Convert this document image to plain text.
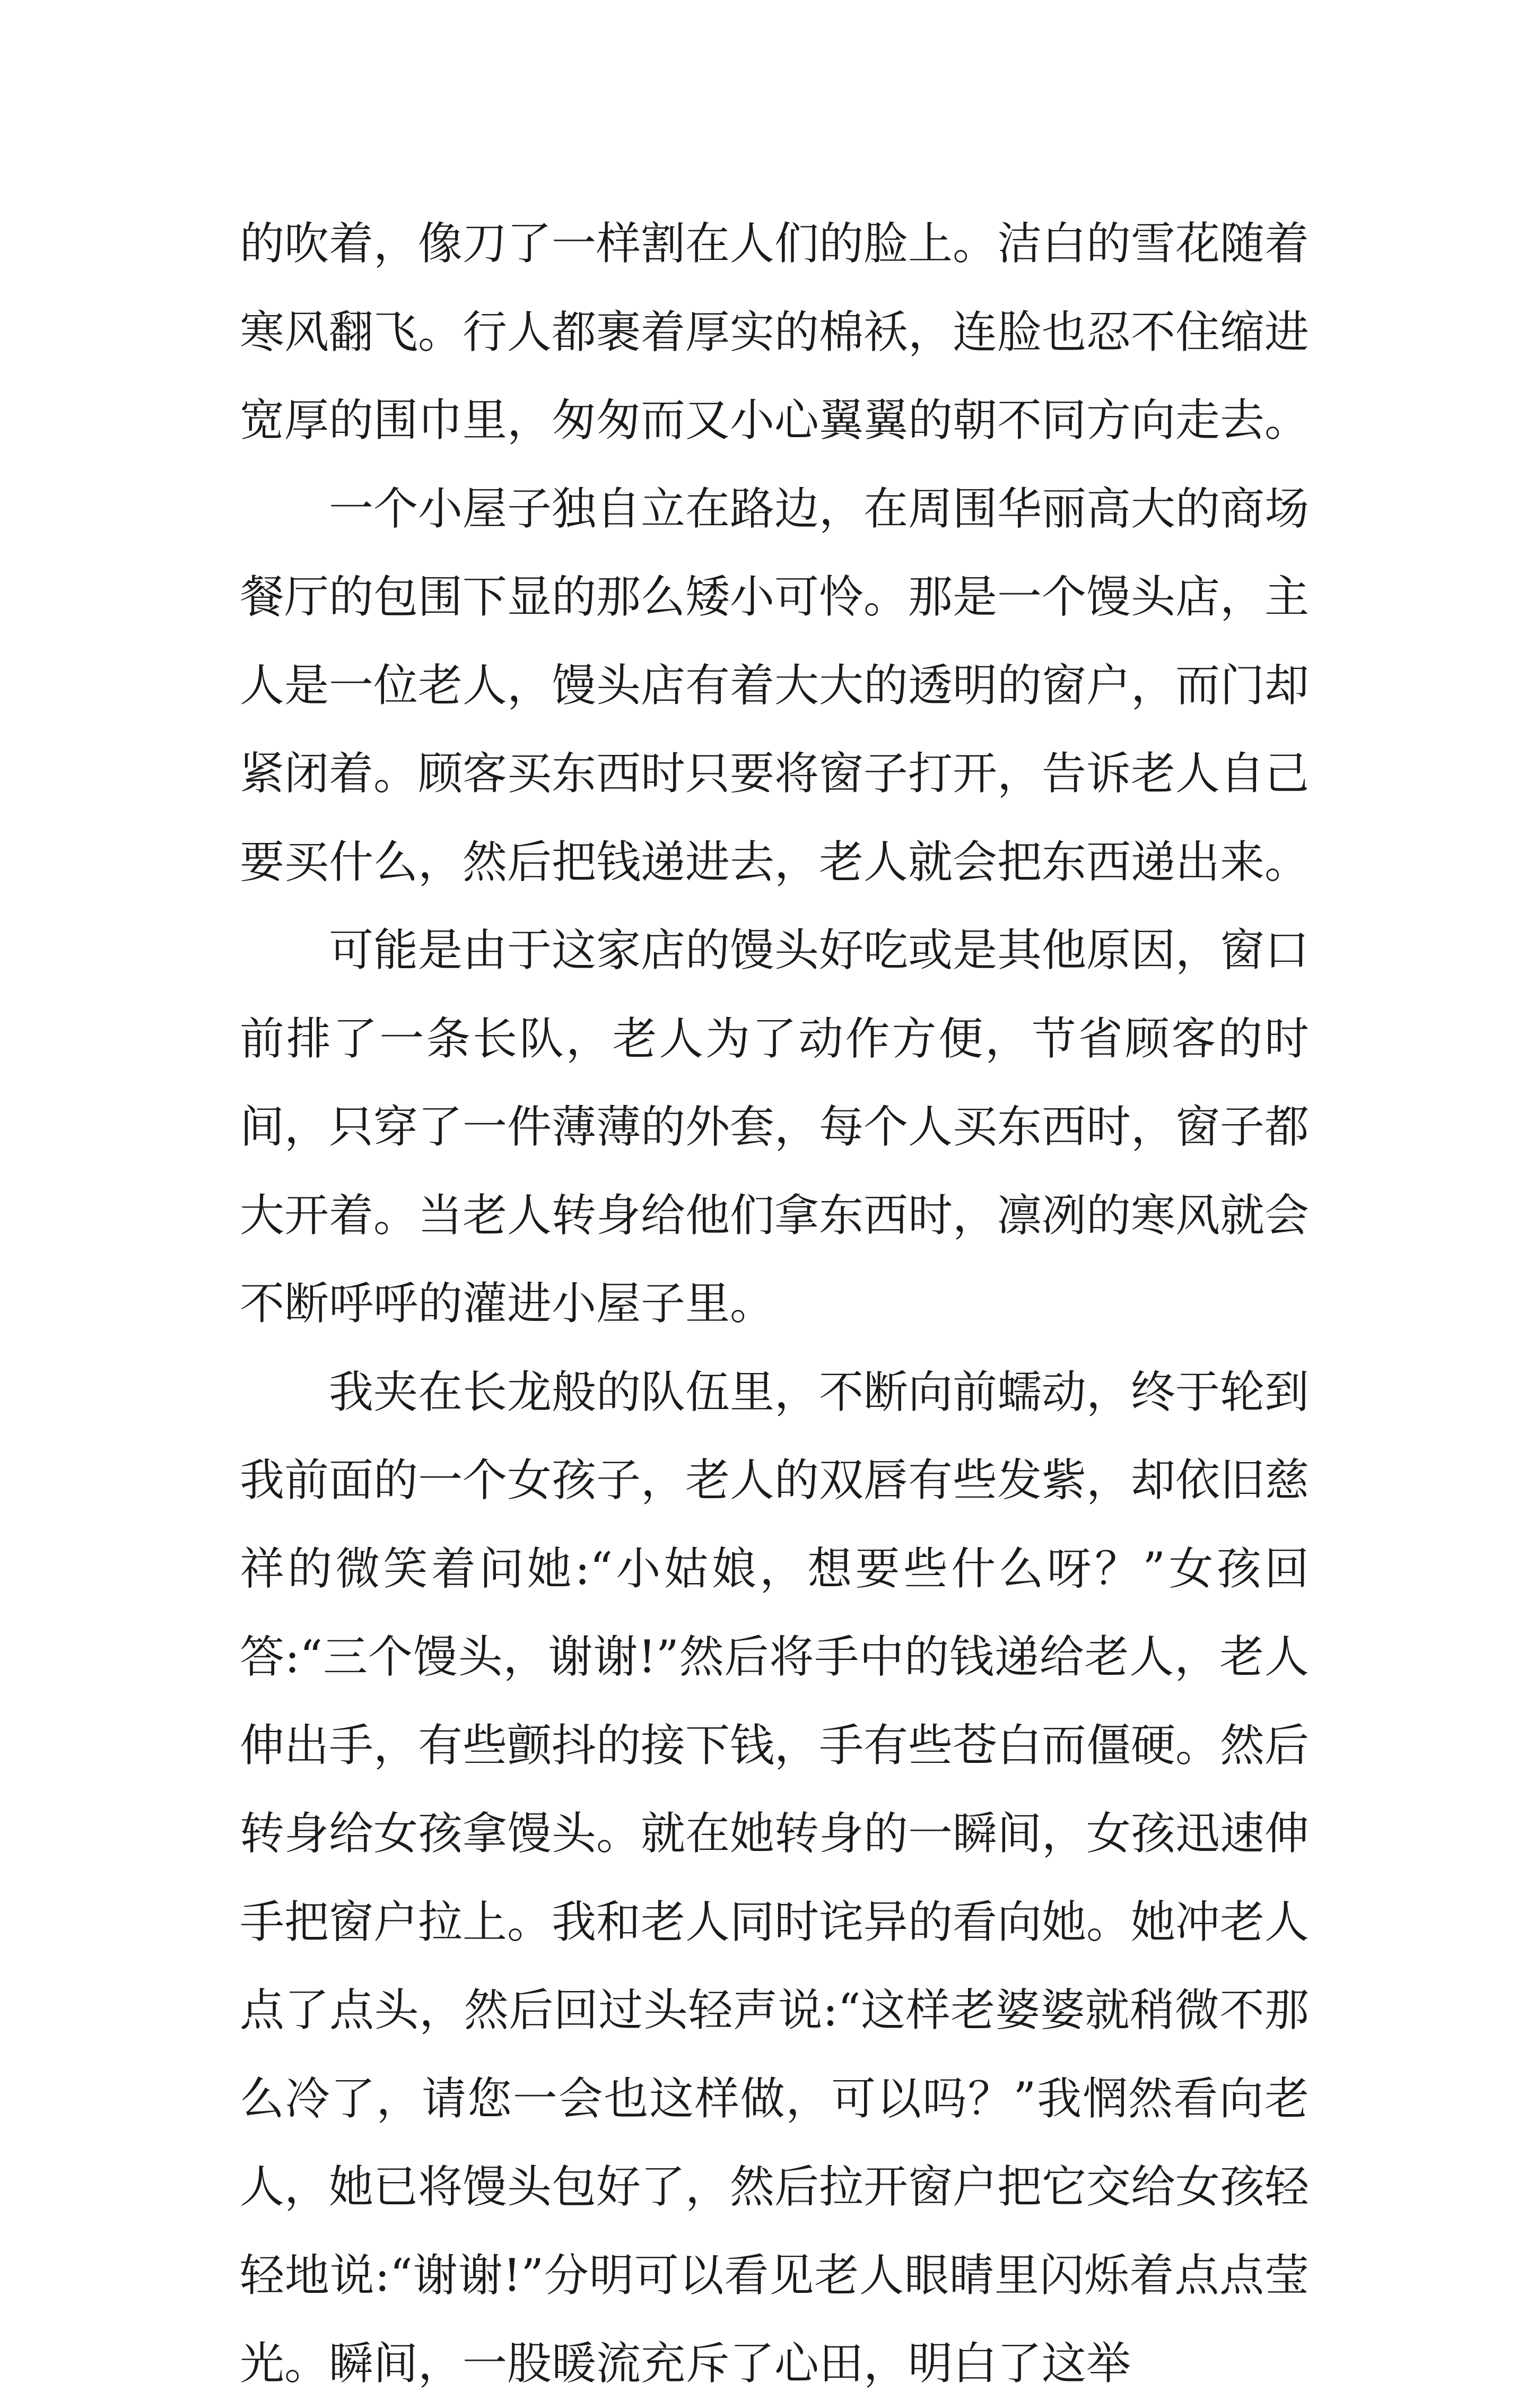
的吹着，像刀了一样割在人们的脸上。洁白的雪花随着寒风翻飞。行人都裹着厚实的棉袄，连脸也忍不住缩进宽厚的围巾里，匆匆而又小心翼翼的朝不同方向走去。

一个小屋子独自立在路边，在周围华丽高大的商场餐厅的包围下显的那么矮小可怜。那是一个馒头店，主人是一位老人，馒头店有着大大的透明的窗户，而门却紧闭着。顾客买东西时只要将窗子打开，告诉老人自己要买什么，然后把钱递进去，老人就会把东西递出来。

可能是由于这家店的馒头好吃或是其他原因，窗口前排了一条长队，老人为了动作方便，节省顾客的时间，只穿了一件薄薄的外套，每个人买东西时，窗子都大开着。当老人转身给他们拿东西时，凛冽的寒风就会不断呼呼的灌进小屋子里。

我夹在长龙般的队伍里，不断向前蠕动，终于轮到我前面的一个女孩子，老人的双唇有些发紫，却依旧慈祥的微笑着问她:“小姑娘，想要些什么呀？”女孩回答:“三个馒头，谢谢!”然后将手中的钱递给老人，老人伸出手，有些颤抖的接下钱，手有些苍白而僵硬。然后转身给女孩拿馒头。就在她转身的一瞬间，女孩迅速伸手把窗户拉上。我和老人同时诧异的看向她。她冲老人点了点头，然后回过头轻声说:“这样老婆婆就稍微不那么冷了，请您一会也这样做，可以吗？”我惘然看向老人，她已将馒头包好了，然后拉开窗户把它交给女孩轻轻地说:“谢谢!”分明可以看见老人眼睛里闪烁着点点莹光。瞬间，一股暖流充斥了心田，明白了这举
